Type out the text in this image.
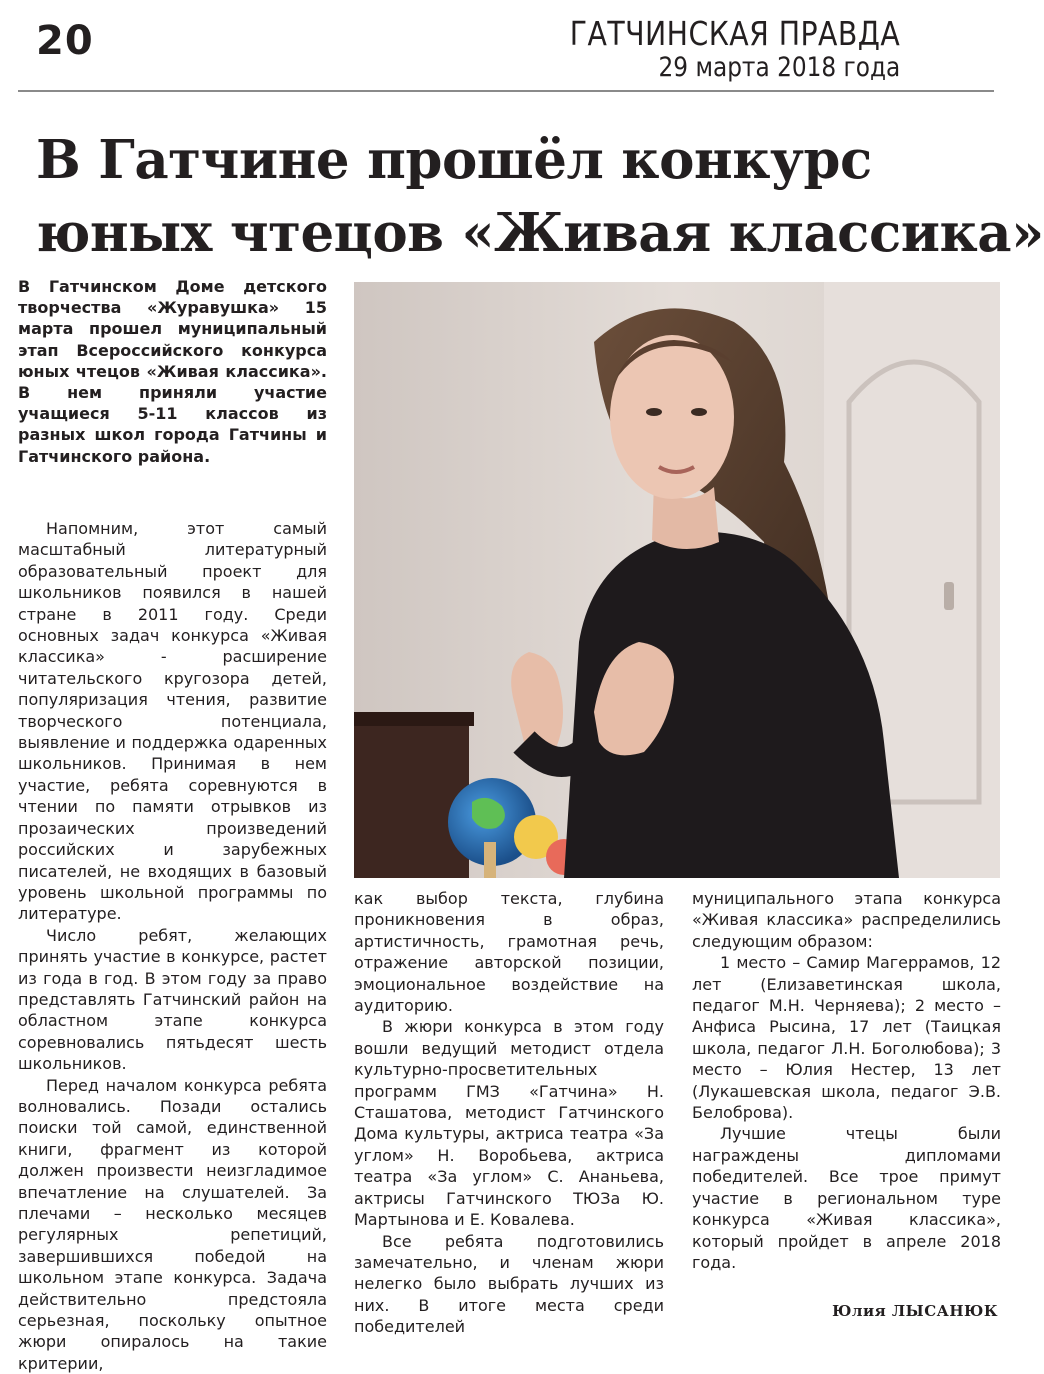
20	ГАТЧИНСКАЯ ПРАВДА
29 марта 2018 года
В Гатчине прошёл конкурс
юных чтецов «Живая классика»

В Гатчинском Доме детского творчества «Журавушка» 15 марта прошел муниципальный этап Всероссийского конкурса юных чтецов «Живая классика». В нем приняли участие учащиеся 5-11 классов из разных школ города Гатчины и Гатчинского района.

Напомним, этот самый масштабный литературный образовательный проект для школьников появился в нашей стране в 2011 году. Среди основных задач конкурса «Живая классика» - расширение читательского кругозора детей, популяризация чтения, развитие творческого потенциала, выявление и поддержка одаренных школьников. Принимая в нем участие, ребята соревнуются в чтении по памяти отрывков из прозаических произведений российских и зарубежных писателей, не входящих в базовый уровень школьной программы по литературе.

Число ребят, желающих принять участие в конкурсе, растет из года в год. В этом году за право представлять Гатчинский район на областном этапе конкурса соревновались пятьдесят шесть школьников.

Перед началом конкурса ребята волновались. Позади остались поиски той самой, единственной книги, фрагмент из которой должен произвести неизгладимое впечатление на слушателей. За плечами – несколько месяцев регулярных репетиций, завершившихся победой на школьном этапе конкурса. Задача действительно предстояла серьезная, поскольку опытное жюри опиралось на такие критерии,

как выбор текста, глубина проникновения в образ, артистичность, грамотная речь, отражение авторской позиции, эмоциональное воздействие на аудиторию.

В жюри конкурса в этом году вошли ведущий методист отдела культурно-просветительных программ ГМЗ «Гатчина» Н. Сташатова, методист Гатчинского Дома культуры, актриса театра «За углом» Н. Воробьева, актриса театра «За углом» С. Ананьева, актрисы Гатчинского ТЮЗа Ю. Мартынова и Е. Ковалева.

Все ребята подготовились замечательно, и членам жюри нелегко было выбрать лучших из них. В итоге места среди победителей

муниципального этапа конкурса «Живая классика» распределились следующим образом:

1 место – Самир Магеррамов, 12 лет (Елизаветинская школа, педагог М.Н. Черняева); 2 место – Анфиса Рысина, 17 лет (Таицкая школа, педагог Л.Н. Боголюбова); 3 место – Юлия Нестер, 13 лет (Лукашевская школа, педагог Э.В. Белоброва).

Лучшие чтецы были награждены дипломами победителей. Все трое примут участие в региональном туре конкурса «Живая классика», который пройдет в апреле 2018 года.

Юлия ЛЫСАНЮК
